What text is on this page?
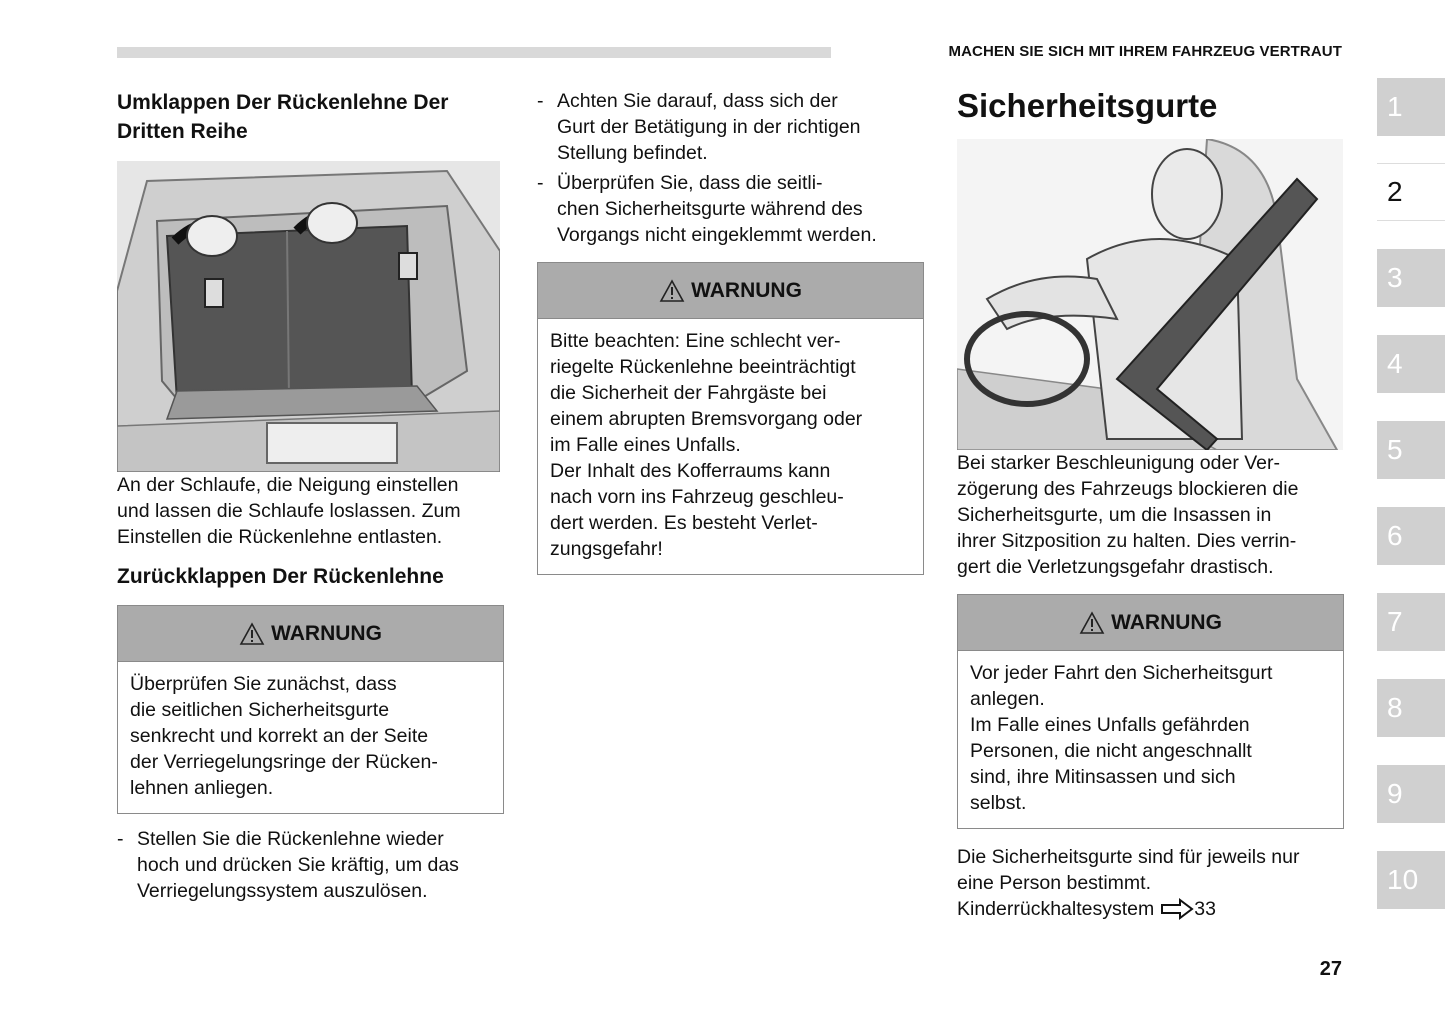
MACHEN SIE SICH MIT IHREM FAHRZEUG VERTRAUT
Umklappen Der Rückenlehne Der Dritten Reihe
An der Schlaufe, die Neigung einstellen
und lassen die Schlaufe loslassen. Zum
Einstellen die Rückenlehne entlasten.
Zurückklappen Der Rückenlehne
WARNUNG
Überprüfen Sie zunächst, dass
die seitlichen Sicherheitsgurte
senkrecht und korrekt an der Seite
der Verriegelungsringe der Rücken-
lehnen anliegen.
- Stellen Sie die Rückenlehne wieder
hoch und drücken Sie kräftig, um das
Verriegelungssystem auszulösen.
- Achten Sie darauf, dass sich der
Gurt der Betätigung in der richtigen
Stellung befindet.
- Überprüfen Sie, dass die seitli-
chen Sicherheitsgurte während des
Vorgangs nicht eingeklemmt werden.
WARNUNG
Bitte beachten: Eine schlecht ver-
riegelte Rückenlehne beeinträchtigt
die Sicherheit der Fahrgäste bei
einem abrupten Bremsvorgang oder
im Falle eines Unfalls.
Der Inhalt des Kofferraums kann
nach vorn ins Fahrzeug geschleu-
dert werden. Es besteht Verlet-
zungsgefahr!
Sicherheitsgurte
Bei starker Beschleunigung oder Ver-
zögerung des Fahrzeugs blockieren die
Sicherheitsgurte, um die Insassen in
ihrer Sitzposition zu halten. Dies verrin-
gert die Verletzungsgefahr drastisch.
WARNUNG
Vor jeder Fahrt den Sicherheitsgurt
anlegen.
Im Falle eines Unfalls gefährden
Personen, die nicht angeschnallt
sind, ihre Mitinsassen und sich
selbst.
Die Sicherheitsgurte sind für jeweils nur
eine Person bestimmt.
Kinderrückhaltesystem 33
1
2
3
4
5
6
7
8
9
10
27
